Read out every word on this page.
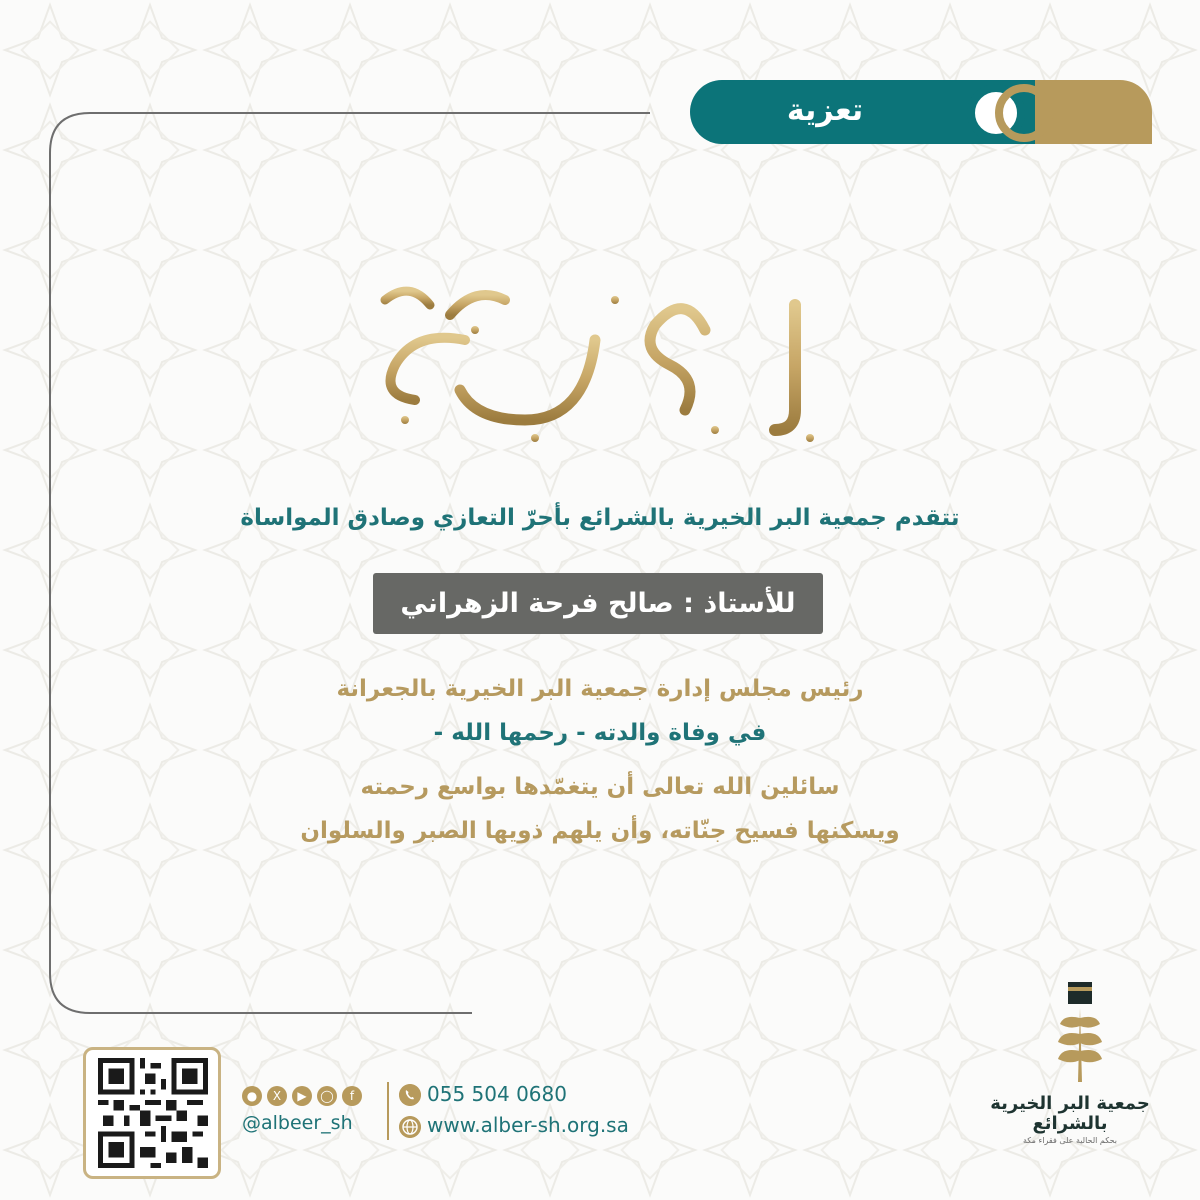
تعزية
إنا لله وإنا إليه راجعون
تتقدم جمعية البر الخيرية بالشرائع بأحرّ التعازي وصادق المواساة
للأستاذ : صالح فرحة الزهراني
رئيس مجلس إدارة جمعية البر الخيرية بالجعرانة
في وفاة والدته - رحمها الله -
سائلين الله تعالى أن يتغمّدها بواسع رحمته
ويسكنها فسيح جنّاته، وأن يلهم ذويها الصبر والسلوان
●	X	▶	◯	f
@albeer_sh
055 504 0680
www.alber-sh.org.sa
جمعية البر الخيرية بالشرائع
بحكم الحالية على فقراء مكة
